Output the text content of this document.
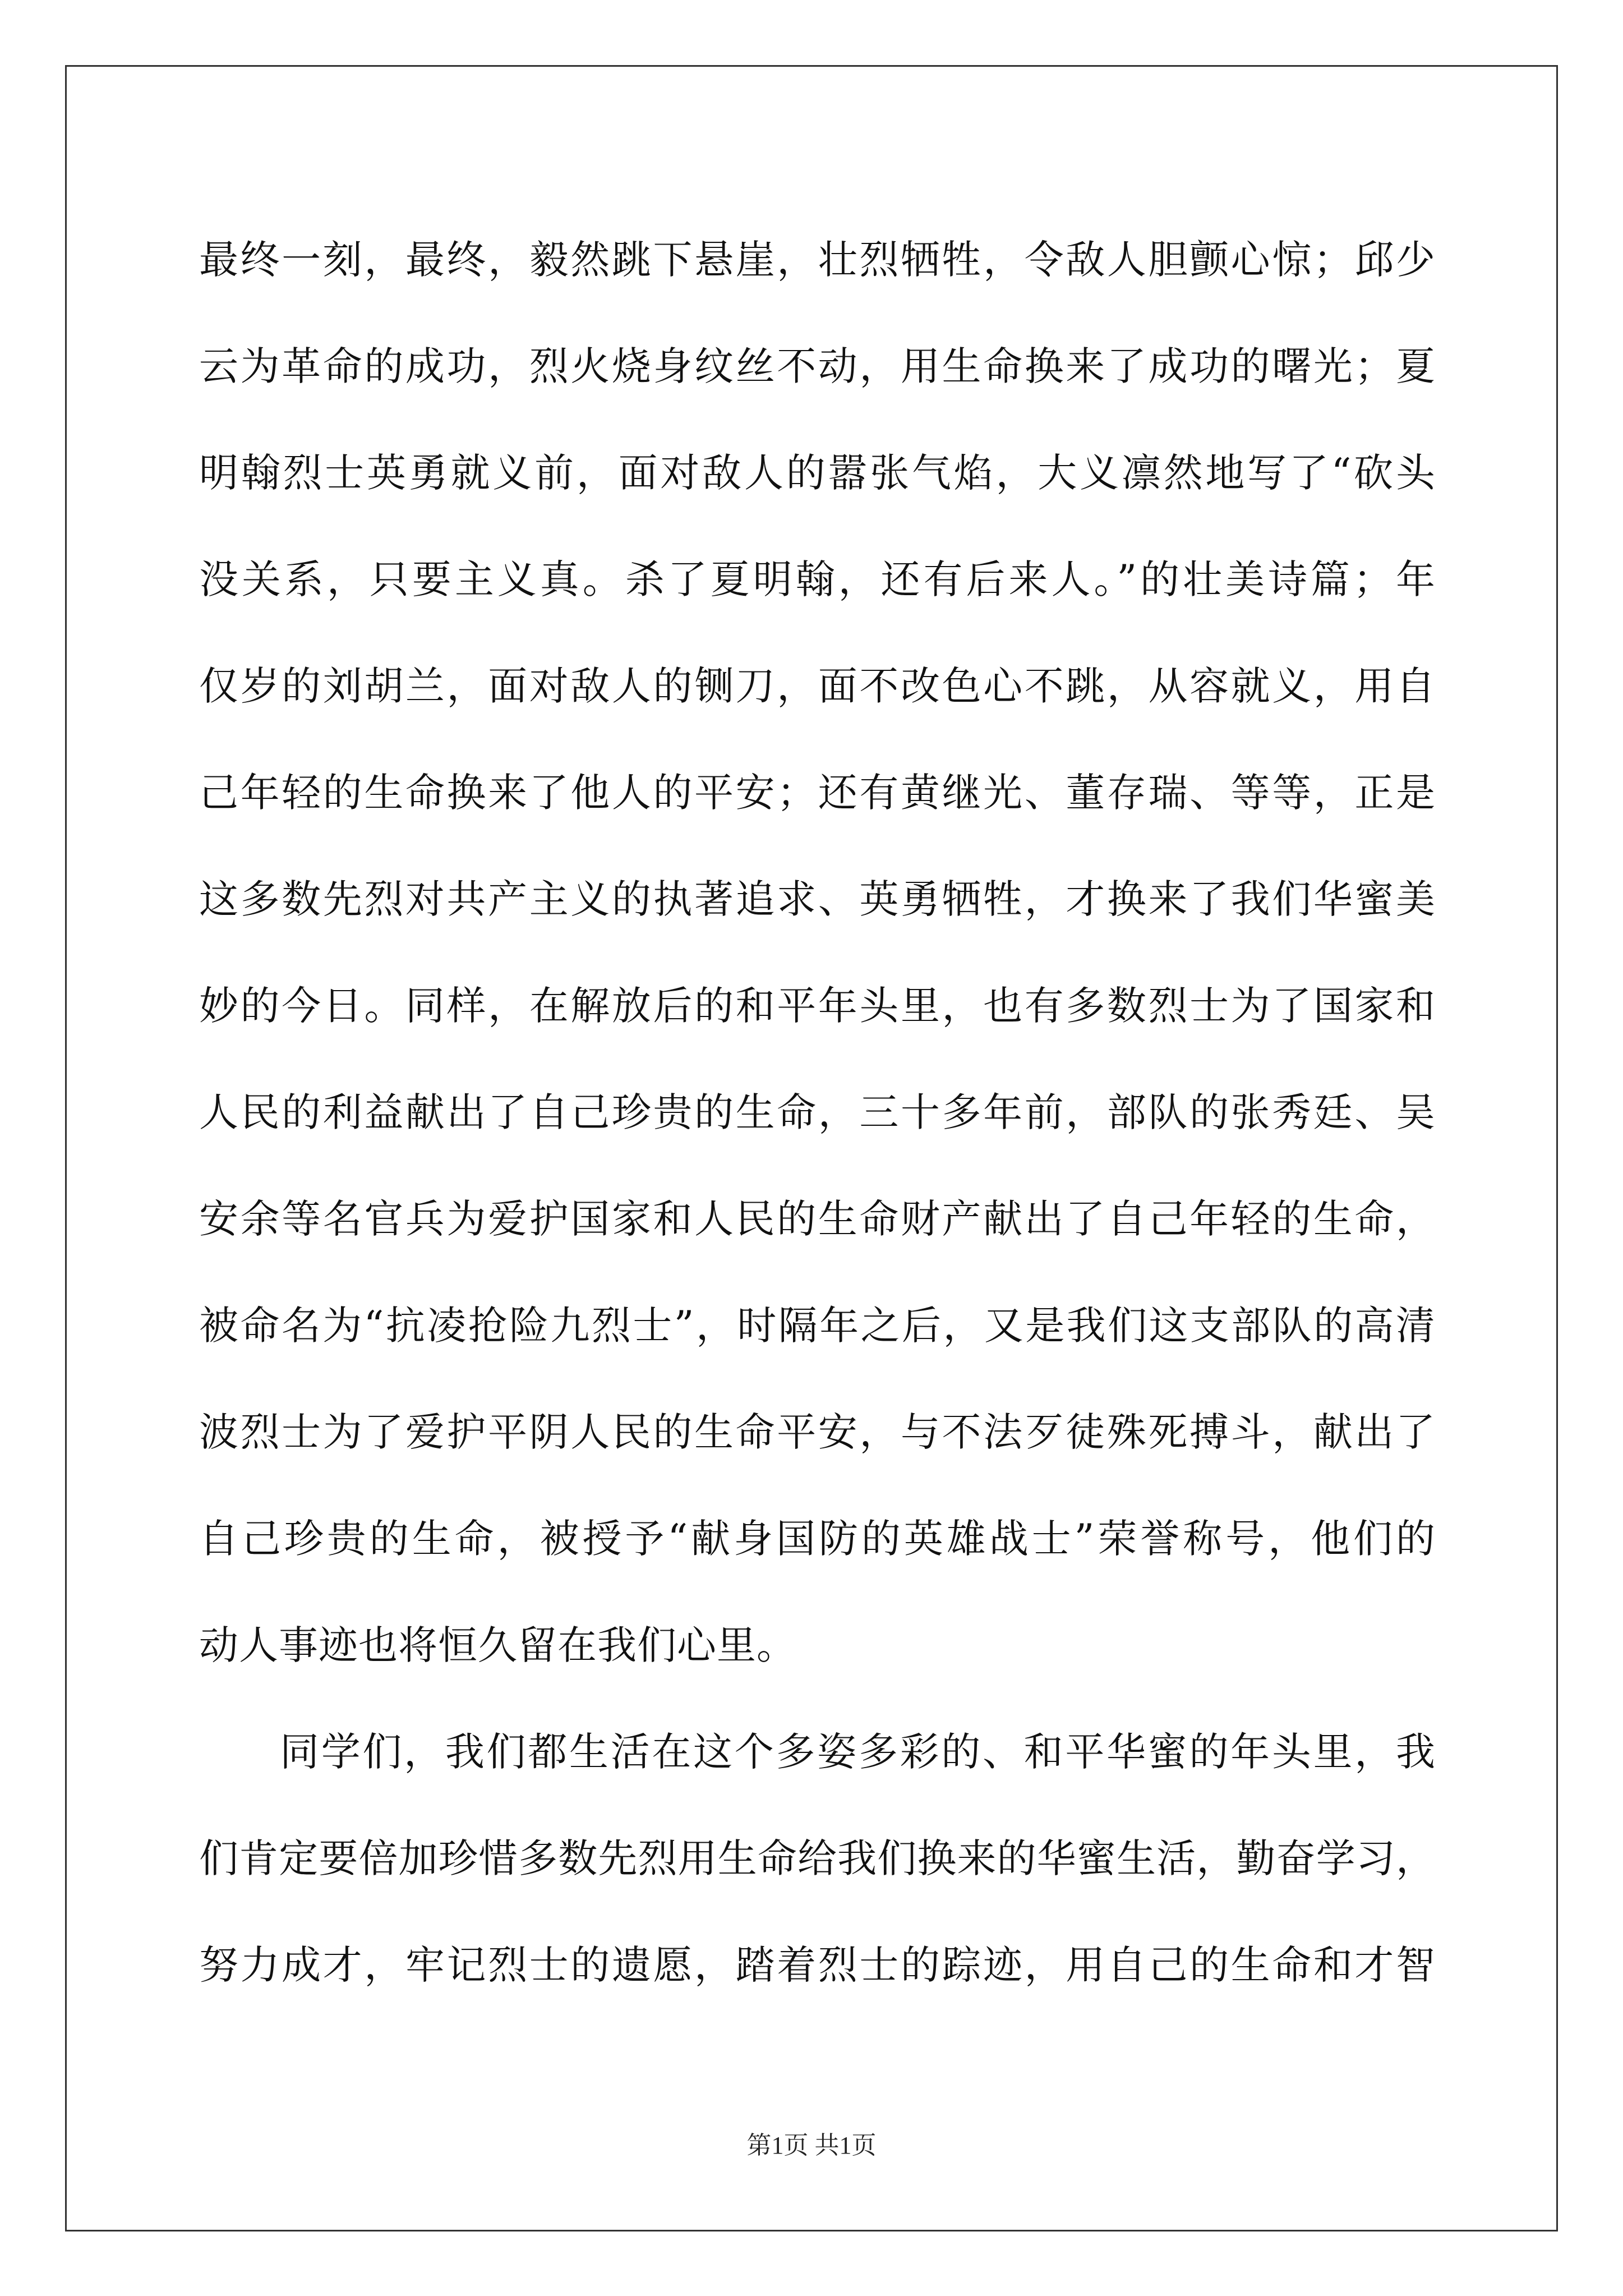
最终一刻，最终，毅然跳下悬崖，壮烈牺牲，令敌人胆颤心惊；邱少
云为革命的成功，烈火烧身纹丝不动，用生命换来了成功的曙光；夏
明翰烈士英勇就义前，面对敌人的嚣张气焰，大义凛然地写了“砍头
没关系，只要主义真。杀了夏明翰，还有后来人。”的壮美诗篇；年
仅岁的刘胡兰，面对敌人的铡刀，面不改色心不跳，从容就义，用自
己年轻的生命换来了他人的平安；还有黄继光、董存瑞、等等，正是
这多数先烈对共产主义的执著追求、英勇牺牲，才换来了我们华蜜美
妙的今日。同样，在解放后的和平年头里，也有多数烈士为了国家和
人民的利益献出了自己珍贵的生命，三十多年前，部队的张秀廷、吴
安余等名官兵为爱护国家和人民的生命财产献出了自己年轻的生命，
被命名为“抗凌抢险九烈士”，时隔年之后，又是我们这支部队的高清
波烈士为了爱护平阴人民的生命平安，与不法歹徒殊死搏斗，献出了
自己珍贵的生命，被授予“献身国防的英雄战士”荣誉称号，他们的
动人事迹也将恒久留在我们心里。
同学们，我们都生活在这个多姿多彩的、和平华蜜的年头里，我
们肯定要倍加珍惜多数先烈用生命给我们换来的华蜜生活，勤奋学习，
努力成才，牢记烈士的遗愿，踏着烈士的踪迹，用自己的生命和才智
第1页 共1页
